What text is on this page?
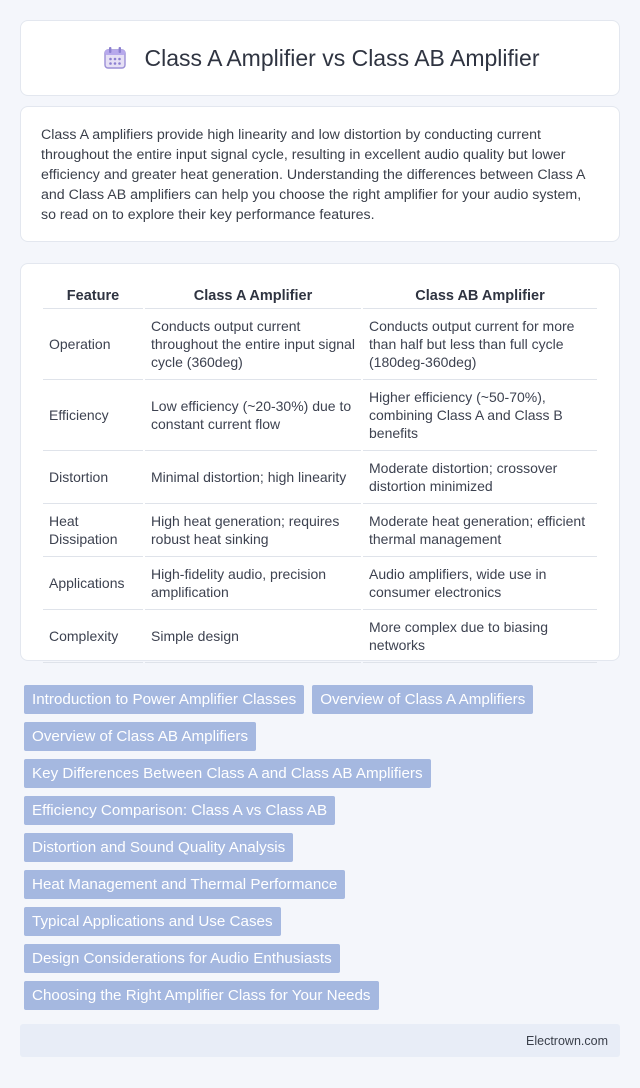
Class A Amplifier vs Class AB Amplifier

Class A amplifiers provide high linearity and low distortion by conducting current throughout the entire input signal cycle, resulting in excellent audio quality but lower efficiency and greater heat generation. Understanding the differences between Class A and Class AB amplifiers can help you choose the right amplifier for your audio system, so read on to explore their key performance features.

Feature	Class A Amplifier	Class AB Amplifier
Operation	Conducts output current throughout the entire input signal cycle (360deg)	Conducts output current for more than half but less than full cycle (180deg-360deg)
Efficiency	Low efficiency (~20-30%) due to constant current flow	Higher efficiency (~50-70%), combining Class A and Class B benefits
Distortion	Minimal distortion; high linearity	Moderate distortion; crossover distortion minimized
Heat Dissipation	High heat generation; requires robust heat sinking	Moderate heat generation; efficient thermal management
Applications	High-fidelity audio, precision amplification	Audio amplifiers, wide use in consumer electronics
Complexity	Simple design	More complex due to biasing networks
Introduction to Power Amplifier Classes Overview of Class A Amplifiers
Overview of Class AB Amplifiers
Key Differences Between Class A and Class AB Amplifiers
Efficiency Comparison: Class A vs Class AB
Distortion and Sound Quality Analysis
Heat Management and Thermal Performance
Typical Applications and Use Cases
Design Considerations for Audio Enthusiasts
Choosing the Right Amplifier Class for Your Needs
Electrown.com
